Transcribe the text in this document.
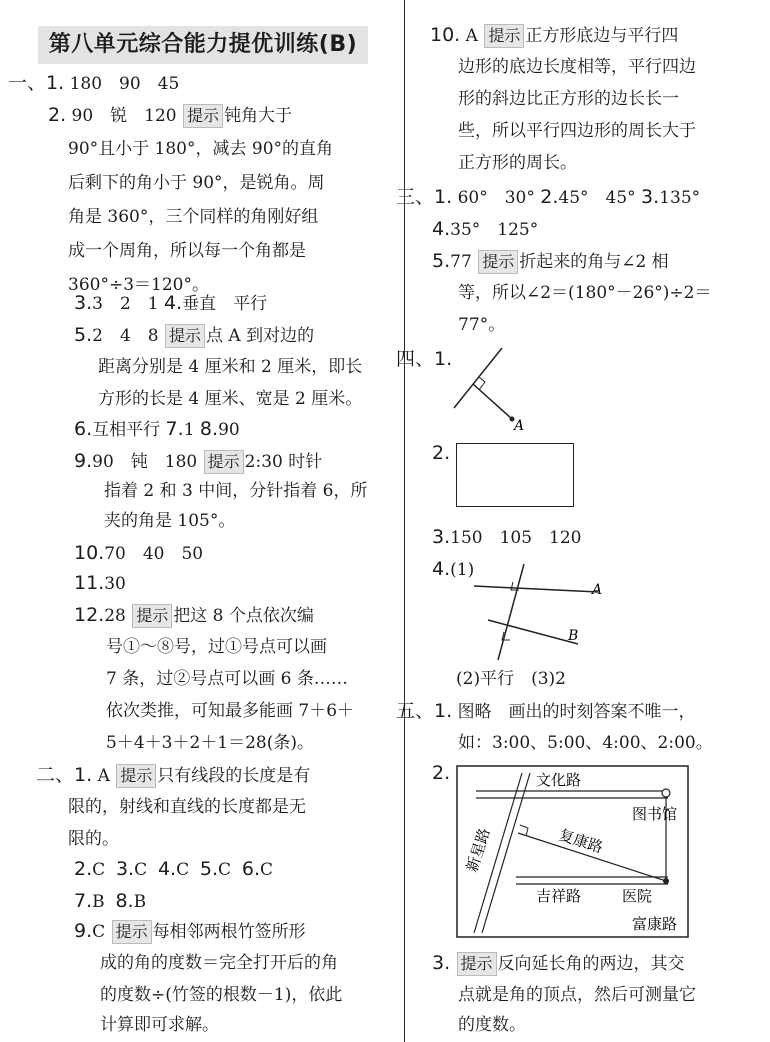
第八单元综合能力提优训练(B)
一、1. 180　90　45
2. 90　锐　120 提示 钝角大于
90°且小于 180°，减去 90°的直角
后剩下的角小于 90°，是锐角。周
角是 360°，三个同样的角刚好组
成一个周角，所以每一个角都是
360°÷3＝120°。
3.3　2　1 4.垂直　平行
5.2　4　8 提示 点 A 到对边的
距离分别是 4 厘米和 2 厘米，即长
方形的长是 4 厘米、宽是 2 厘米。
6.互相平行 7.1 8.90
9.90　钝　180 提示 2:30 时针
指着 2 和 3 中间，分针指着 6，所
夹的角是 105°。
10.70　40　50
11.30
12.28 提示 把这 8 个点依次编
号①～⑧号，过①号点可以画
7 条，过②号点可以画 6 条……
依次类推，可知最多能画 7＋6＋
5＋4＋3＋2＋1＝28(条)。
二、1. A 提示 只有线段的长度是有
限的，射线和直线的长度都是无
限的。
2.C 3.C 4.C 5.C 6.C
7.B 8.B
9.C 提示 每相邻两根竹签所形
成的角的度数＝完全打开后的角
的度数÷(竹签的根数－1)，依此
计算即可求解。
10. A 提示 正方形底边与平行四
边形的底边长度相等，平行四边
形的斜边比正方形的边长长一
些，所以平行四边形的周长大于
正方形的周长。
三、1. 60°　30° 2.45°　45° 3.135°
4.35°　125°
5.77 提示 折起来的角与∠2 相
等，所以∠2＝(180°－26°)÷2＝
77°。
四、1.
A
2.
3.150　105　120
4.(1)
A
B
(2)平行　(3)2
五、1. 图略　画出的时刻答案不唯一，
如：3:00、5:00、4:00、2:00。
2.	文化路
图书馆
复康路
新星路
吉祥路	医院
富康路
3. 提示 反向延长角的两边，其交
点就是角的顶点，然后可测量它
的度数。
